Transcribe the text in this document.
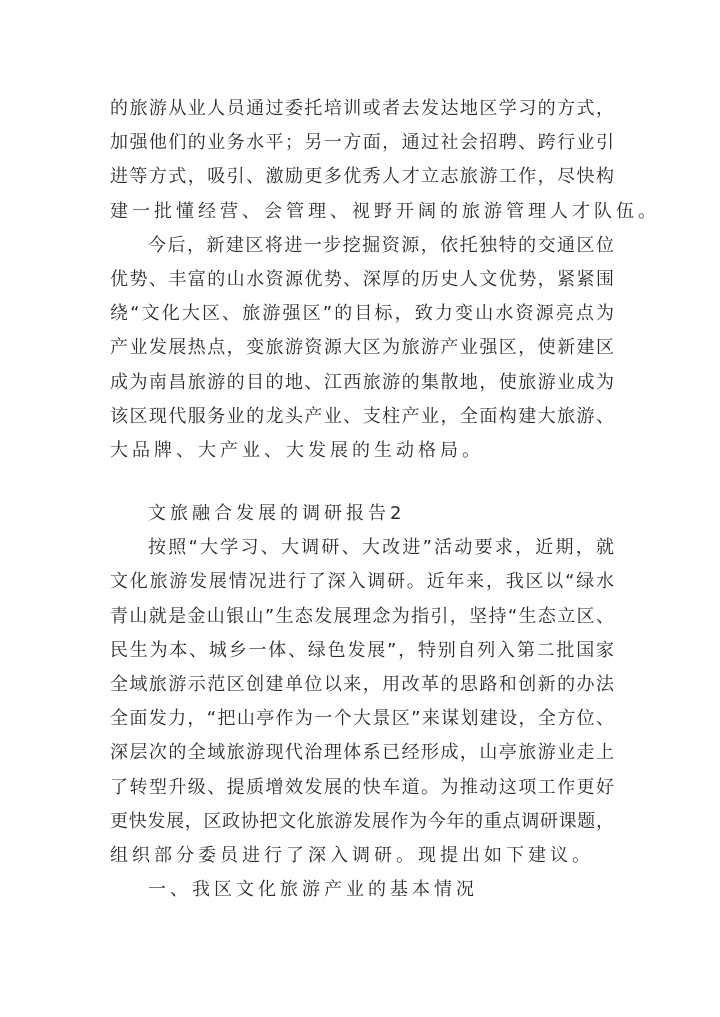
的旅游从业人员通过委托培训或者去发达地区学习的方式，
加强他们的业务水平；另一方面，通过社会招聘、跨行业引
进等方式，吸引、激励更多优秀人才立志旅游工作，尽快构
建一批懂经营、会管理、视野开阔的旅游管理人才队伍。
今后，新建区将进一步挖掘资源，依托独特的交通区位
优势、丰富的山水资源优势、深厚的历史人文优势，紧紧围
绕“文化大区、旅游强区”的目标，致力变山水资源亮点为
产业发展热点，变旅游资源大区为旅游产业强区，使新建区
成为南昌旅游的目的地、江西旅游的集散地，使旅游业成为
该区现代服务业的龙头产业、支柱产业，全面构建大旅游、
大品牌、大产业、大发展的生动格局。
文旅融合发展的调研报告2
按照“大学习、大调研、大改进”活动要求，近期，就
文化旅游发展情况进行了深入调研。近年来，我区以“绿水
青山就是金山银山”生态发展理念为指引，坚持“生态立区、
民生为本、城乡一体、绿色发展”，特别自列入第二批国家
全域旅游示范区创建单位以来，用改革的思路和创新的办法
全面发力，“把山亭作为一个大景区”来谋划建设，全方位、
深层次的全域旅游现代治理体系已经形成，山亭旅游业走上
了转型升级、提质增效发展的快车道。为推动这项工作更好
更快发展，区政协把文化旅游发展作为今年的重点调研课题，
组织部分委员进行了深入调研。现提出如下建议。
一、我区文化旅游产业的基本情况
